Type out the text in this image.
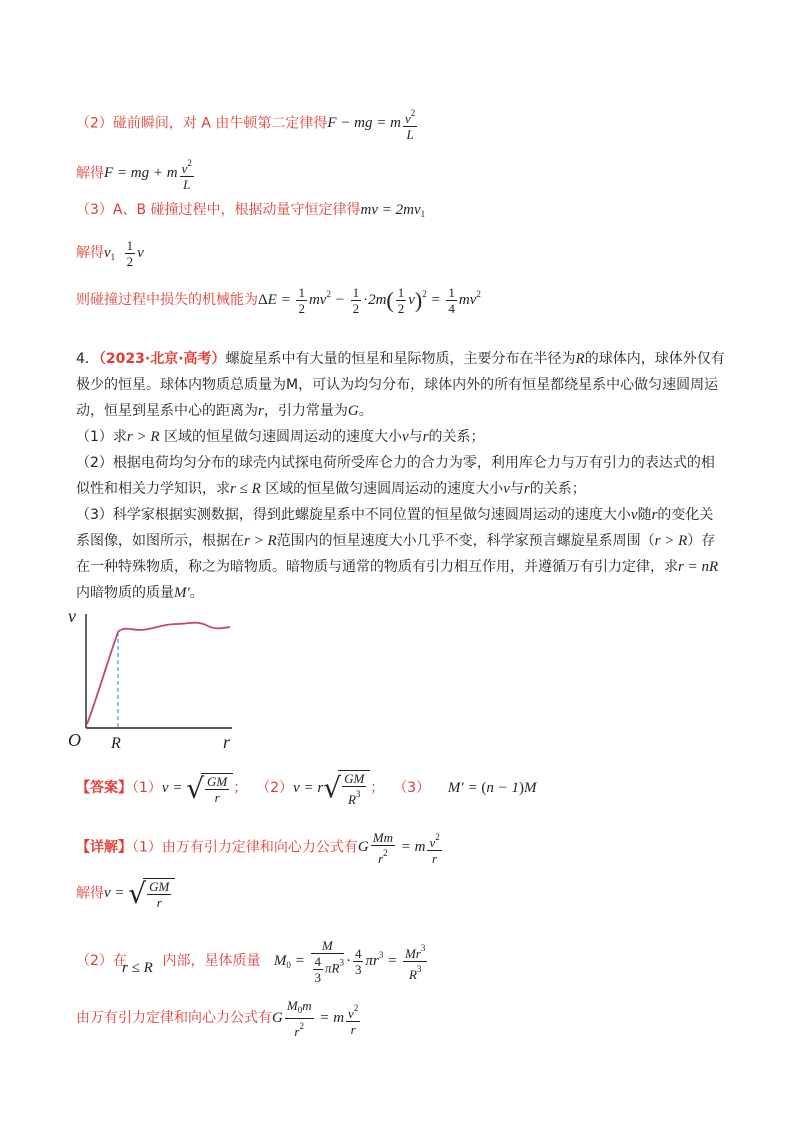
（2）碰前瞬间，对 A 由牛顿第二定律得F − mg = m $\frac{v^2}{L}$
解得F = mg + m $\frac{v^2}{L}$
（3）A、B 碰撞过程中，根据动量守恒定律得mv = $2mv_1$
解得$v_1 \frac{1}{2}$ v
则碰撞过程中损失的机械能为$\Delta E = \frac{1}{2} mv^2 - \frac{1}{2} \cdot 2m( \frac{1}{2} v)^2 = \frac{1}{4} mv^2$
4．（2023·北京·高考）螺旋星系中有大量的恒星和星际物质，主要分布在半径为R的球体内，球体外仅有
极少的恒星。球体内物质总质量为M，可认为均匀分布，球体内外的所有恒星都绕星系中心做匀速圆周运
动，恒星到星系中心的距离为r，引力常量为G。
（1）求r > R 区域的恒星做匀速圆周运动的速度大小v与r的关系；
（2）根据电荷均匀分布的球壳内试探电荷所受库仑力的合力为零，利用库仑力与万有引力的表达式的相
似性和相关力学知识，求r ≤ R 区域的恒星做匀速圆周运动的速度大小v与r的关系；
（3）科学家根据实测数据，得到此螺旋星系中不同位置的恒星做匀速圆周运动的速度大小v随r的变化关
系图像，如图所示，根据在r > R范围内的恒星速度大小几乎不变，科学家预言螺旋星系周围（r > R）存
在一种特殊物质，称之为暗物质。暗物质与通常的物质有引力相互作用，并遵循万有引力定律，求r = nR
内暗物质的质量M′。
v
r
O R
【答案】（1）v = √ $\frac{GM}{r}$ ； $(2)v = r√ \frac{GM}{R^3}$ ； （3） M′ = (n − 1)M
【详解】（1）由万有引力定律和向心力公式有G $\frac{Mm}{r^2} = m \frac{v^2}{r}$
解得v = √ $\frac{GM}{r}$
（2）在	内部，星体质量 $M_0 = \frac{M}{\frac{4}{3} \pi R^3} \cdot \frac{4}{3} \pi r^3 = \frac{Mr^3}{R^3}$
r ≤ R
由万有引力定律和向心力公式有G $\frac{M_0m}{r^2} = m \frac{v^2}{r}$
